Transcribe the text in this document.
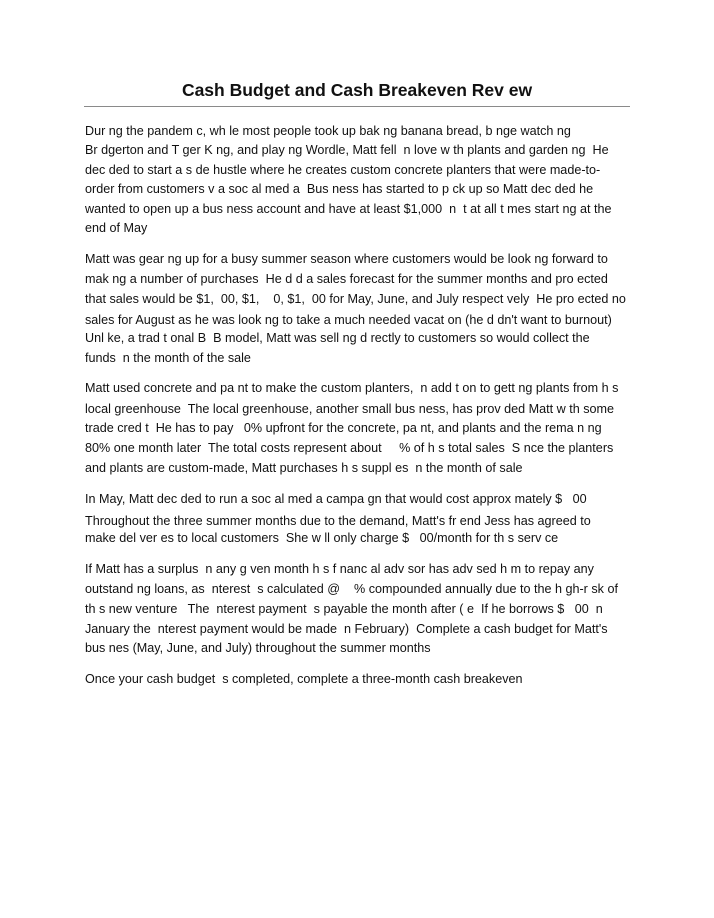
Cash Budget and Cash Breakeven Rev ew
Dur ng the pandem c, wh le most people took up bak ng banana bread, b nge watch ng
Br dgerton and T ger K ng, and play ng Wordle, Matt fell  n love w th plants and garden ng  He
dec ded to start a s de hustle where he creates custom concrete planters that were made-to-
order from customers v a soc al med a  Bus ness has started to p ck up so Matt dec ded he
wanted to open up a bus ness account and have at least $1,000  n  t at all t mes start ng at the
end of May
Matt was gear ng up for a busy summer season where customers would be look ng forward to
mak ng a number of purchases  He d d a sales forecast for the summer months and pro ected
that sales would be $1,  00, $1,    0, $1,  00 for May, June, and July respect vely  He pro ected no
sales for August as he was look ng to take a much needed vacat on (he d dn't want to burnout)
Unl ke, a trad t onal B  B model, Matt was sell ng d rectly to customers so would collect the
funds  n the month of the sale
Matt used concrete and pa nt to make the custom planters,  n add t on to gett ng plants from h s
local greenhouse  The local greenhouse, another small bus ness, has prov ded Matt w th some
trade cred t  He has to pay   0% upfront for the concrete, pa nt, and plants and the rema n ng
80% one month later  The total costs represent about     % of h s total sales  S nce the planters
and plants are custom-made, Matt purchases h s suppl es  n the month of sale
In May, Matt dec ded to run a soc al med a campa gn that would cost approx mately $   00
Throughout the three summer months due to the demand, Matt's fr end Jess has agreed to
make del ver es to local customers  She w ll only charge $   00/month for th s serv ce
If Matt has a surplus  n any g ven month h s f nanc al adv sor has adv sed h m to repay any
outstand ng loans, as  nterest  s calculated @    % compounded annually due to the h gh-r sk of
th s new venture   The  nterest payment  s payable the month after ( e  If he borrows $   00  n
January the  nterest payment would be made  n February)  Complete a cash budget for Matt's
bus nes (May, June, and July) throughout the summer months
Once your cash budget  s completed, complete a three-month cash breakeven
